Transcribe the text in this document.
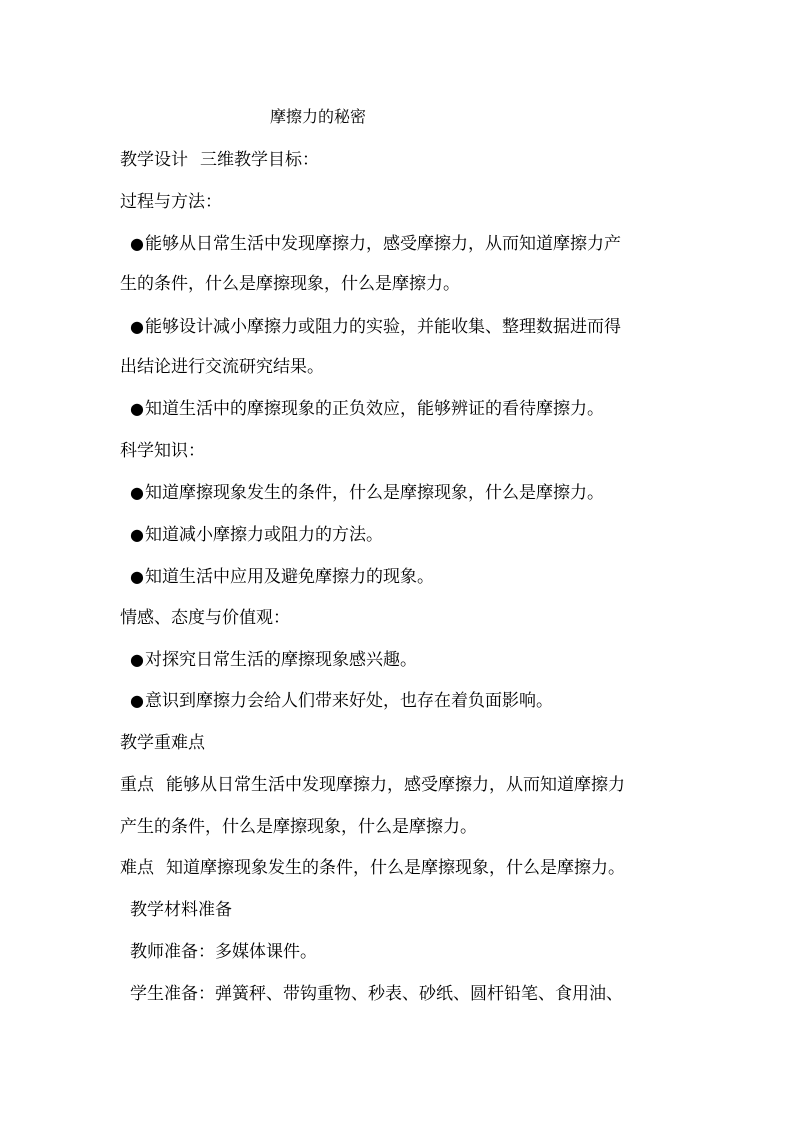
摩擦力的秘密
教学设计 三维教学目标：
过程与方法：
●能够从日常生活中发现摩擦力，感受摩擦力，从而知道摩擦力产
生的条件，什么是摩擦现象，什么是摩擦力。
●能够设计减小摩擦力或阻力的实验，并能收集、整理数据进而得
出结论进行交流研究结果。
●知道生活中的摩擦现象的正负效应，能够辨证的看待摩擦力。
科学知识：
●知道摩擦现象发生的条件，什么是摩擦现象，什么是摩擦力。
●知道减小摩擦力或阻力的方法。
●知道生活中应用及避免摩擦力的现象。
情感、态度与价值观：
●对探究日常生活的摩擦现象感兴趣。
●意识到摩擦力会给人们带来好处，也存在着负面影响。
教学重难点
重点 能够从日常生活中发现摩擦力，感受摩擦力，从而知道摩擦力
产生的条件，什么是摩擦现象，什么是摩擦力。
难点 知道摩擦现象发生的条件，什么是摩擦现象，什么是摩擦力。
教学材料准备
教师准备：多媒体课件。
学生准备：弹簧秤、带钩重物、秒表、砂纸、圆杆铅笔、食用油、
